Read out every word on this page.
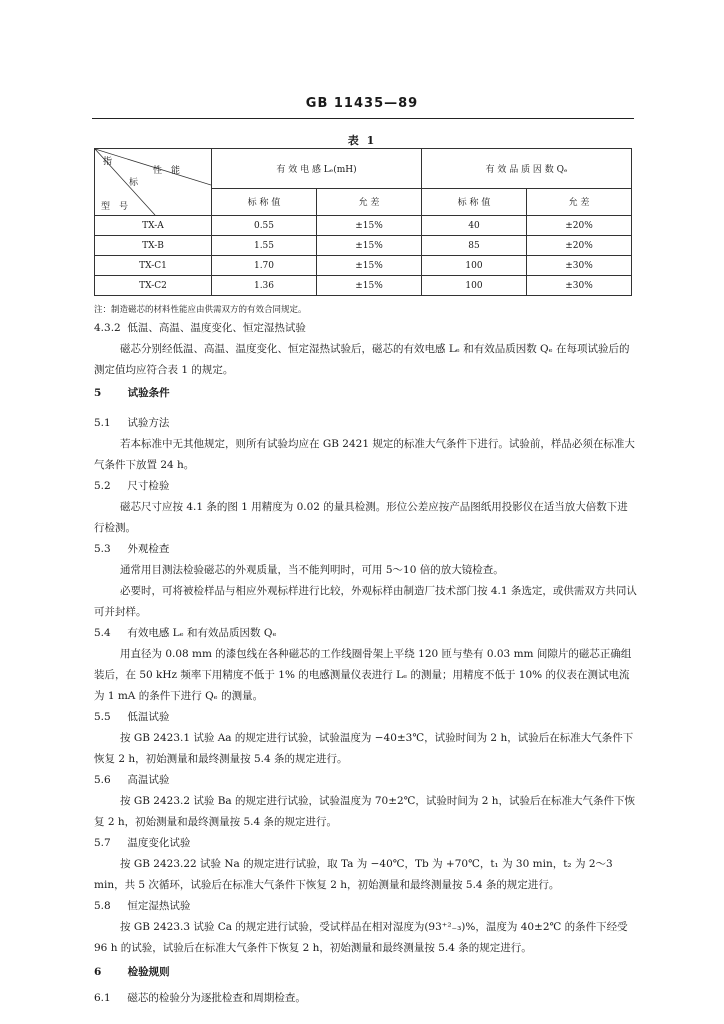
GB 11435—89
表 1
指
性　能
标
型　号	有 效 电 感 Lₑ(mH)		有 效 品 质 因 数 Qₑ	
	标 称 值	允 差	标 称 值	允 差
TX-A	0.55	±15%	40	±20%
TX-B	1.55	±15%	85	±20%
TX-C1	1.70	±15%	100	±30%
TX-C2	1.36	±15%	100	±30%
注：制造磁芯的材料性能应由供需双方的有效合同规定。
4.3.2 低温、高温、温度变化、恒定湿热试验
磁芯分别经低温、高温、温度变化、恒定湿热试验后，磁芯的有效电感 Lₑ 和有效品质因数 Qₑ 在每项试验后的测定值均应符合表 1 的规定。
5	试验条件
5.1 试验方法
若本标准中无其他规定，则所有试验均应在 GB 2421 规定的标准大气条件下进行。试验前，样品必须在标准大气条件下放置 24 h。
5.2 尺寸检验
磁芯尺寸应按 4.1 条的图 1 用精度为 0.02 的量具检测。形位公差应按产品图纸用投影仪在适当放大倍数下进行检测。
5.3 外观检查
通常用目测法检验磁芯的外观质量，当不能判明时，可用 5～10 倍的放大镜检查。
必要时，可将被检样品与相应外观标样进行比较，外观标样由制造厂技术部门按 4.1 条选定，或供需双方共同认可并封样。
5.4 有效电感 Lₑ 和有效品质因数 Qₑ
用直径为 0.08 mm 的漆包线在各种磁芯的工作线圈骨架上平绕 120 匝与垫有 0.03 mm 间隙片的磁芯正确组装后，在 50 kHz 频率下用精度不低于 1% 的电感测量仪表进行 Lₑ 的测量；用精度不低于 10% 的仪表在测试电流为 1 mA 的条件下进行 Qₑ 的测量。
5.5 低温试验
按 GB 2423.1 试验 Aa 的规定进行试验，试验温度为 −40±3℃，试验时间为 2 h，试验后在标准大气条件下恢复 2 h，初始测量和最终测量按 5.4 条的规定进行。
5.6 高温试验
按 GB 2423.2 试验 Ba 的规定进行试验，试验温度为 70±2℃，试验时间为 2 h，试验后在标准大气条件下恢复 2 h，初始测量和最终测量按 5.4 条的规定进行。
5.7 温度变化试验
按 GB 2423.22 试验 Na 的规定进行试验，取 Ta 为 −40℃，Tb 为 +70℃，t₁ 为 30 min，t₂ 为 2～3 min，共 5 次循环，试验后在标准大气条件下恢复 2 h，初始测量和最终测量按 5.4 条的规定进行。
5.8 恒定湿热试验
按 GB 2423.3 试验 Ca 的规定进行试验，受试样品在相对湿度为(93⁺²₋₃)%，温度为 40±2℃ 的条件下经受 96 h 的试验，试验后在标准大气条件下恢复 2 h，初始测量和最终测量按 5.4 条的规定进行。
6	检验规则
6.1 磁芯的检验分为逐批检查和周期检查。
